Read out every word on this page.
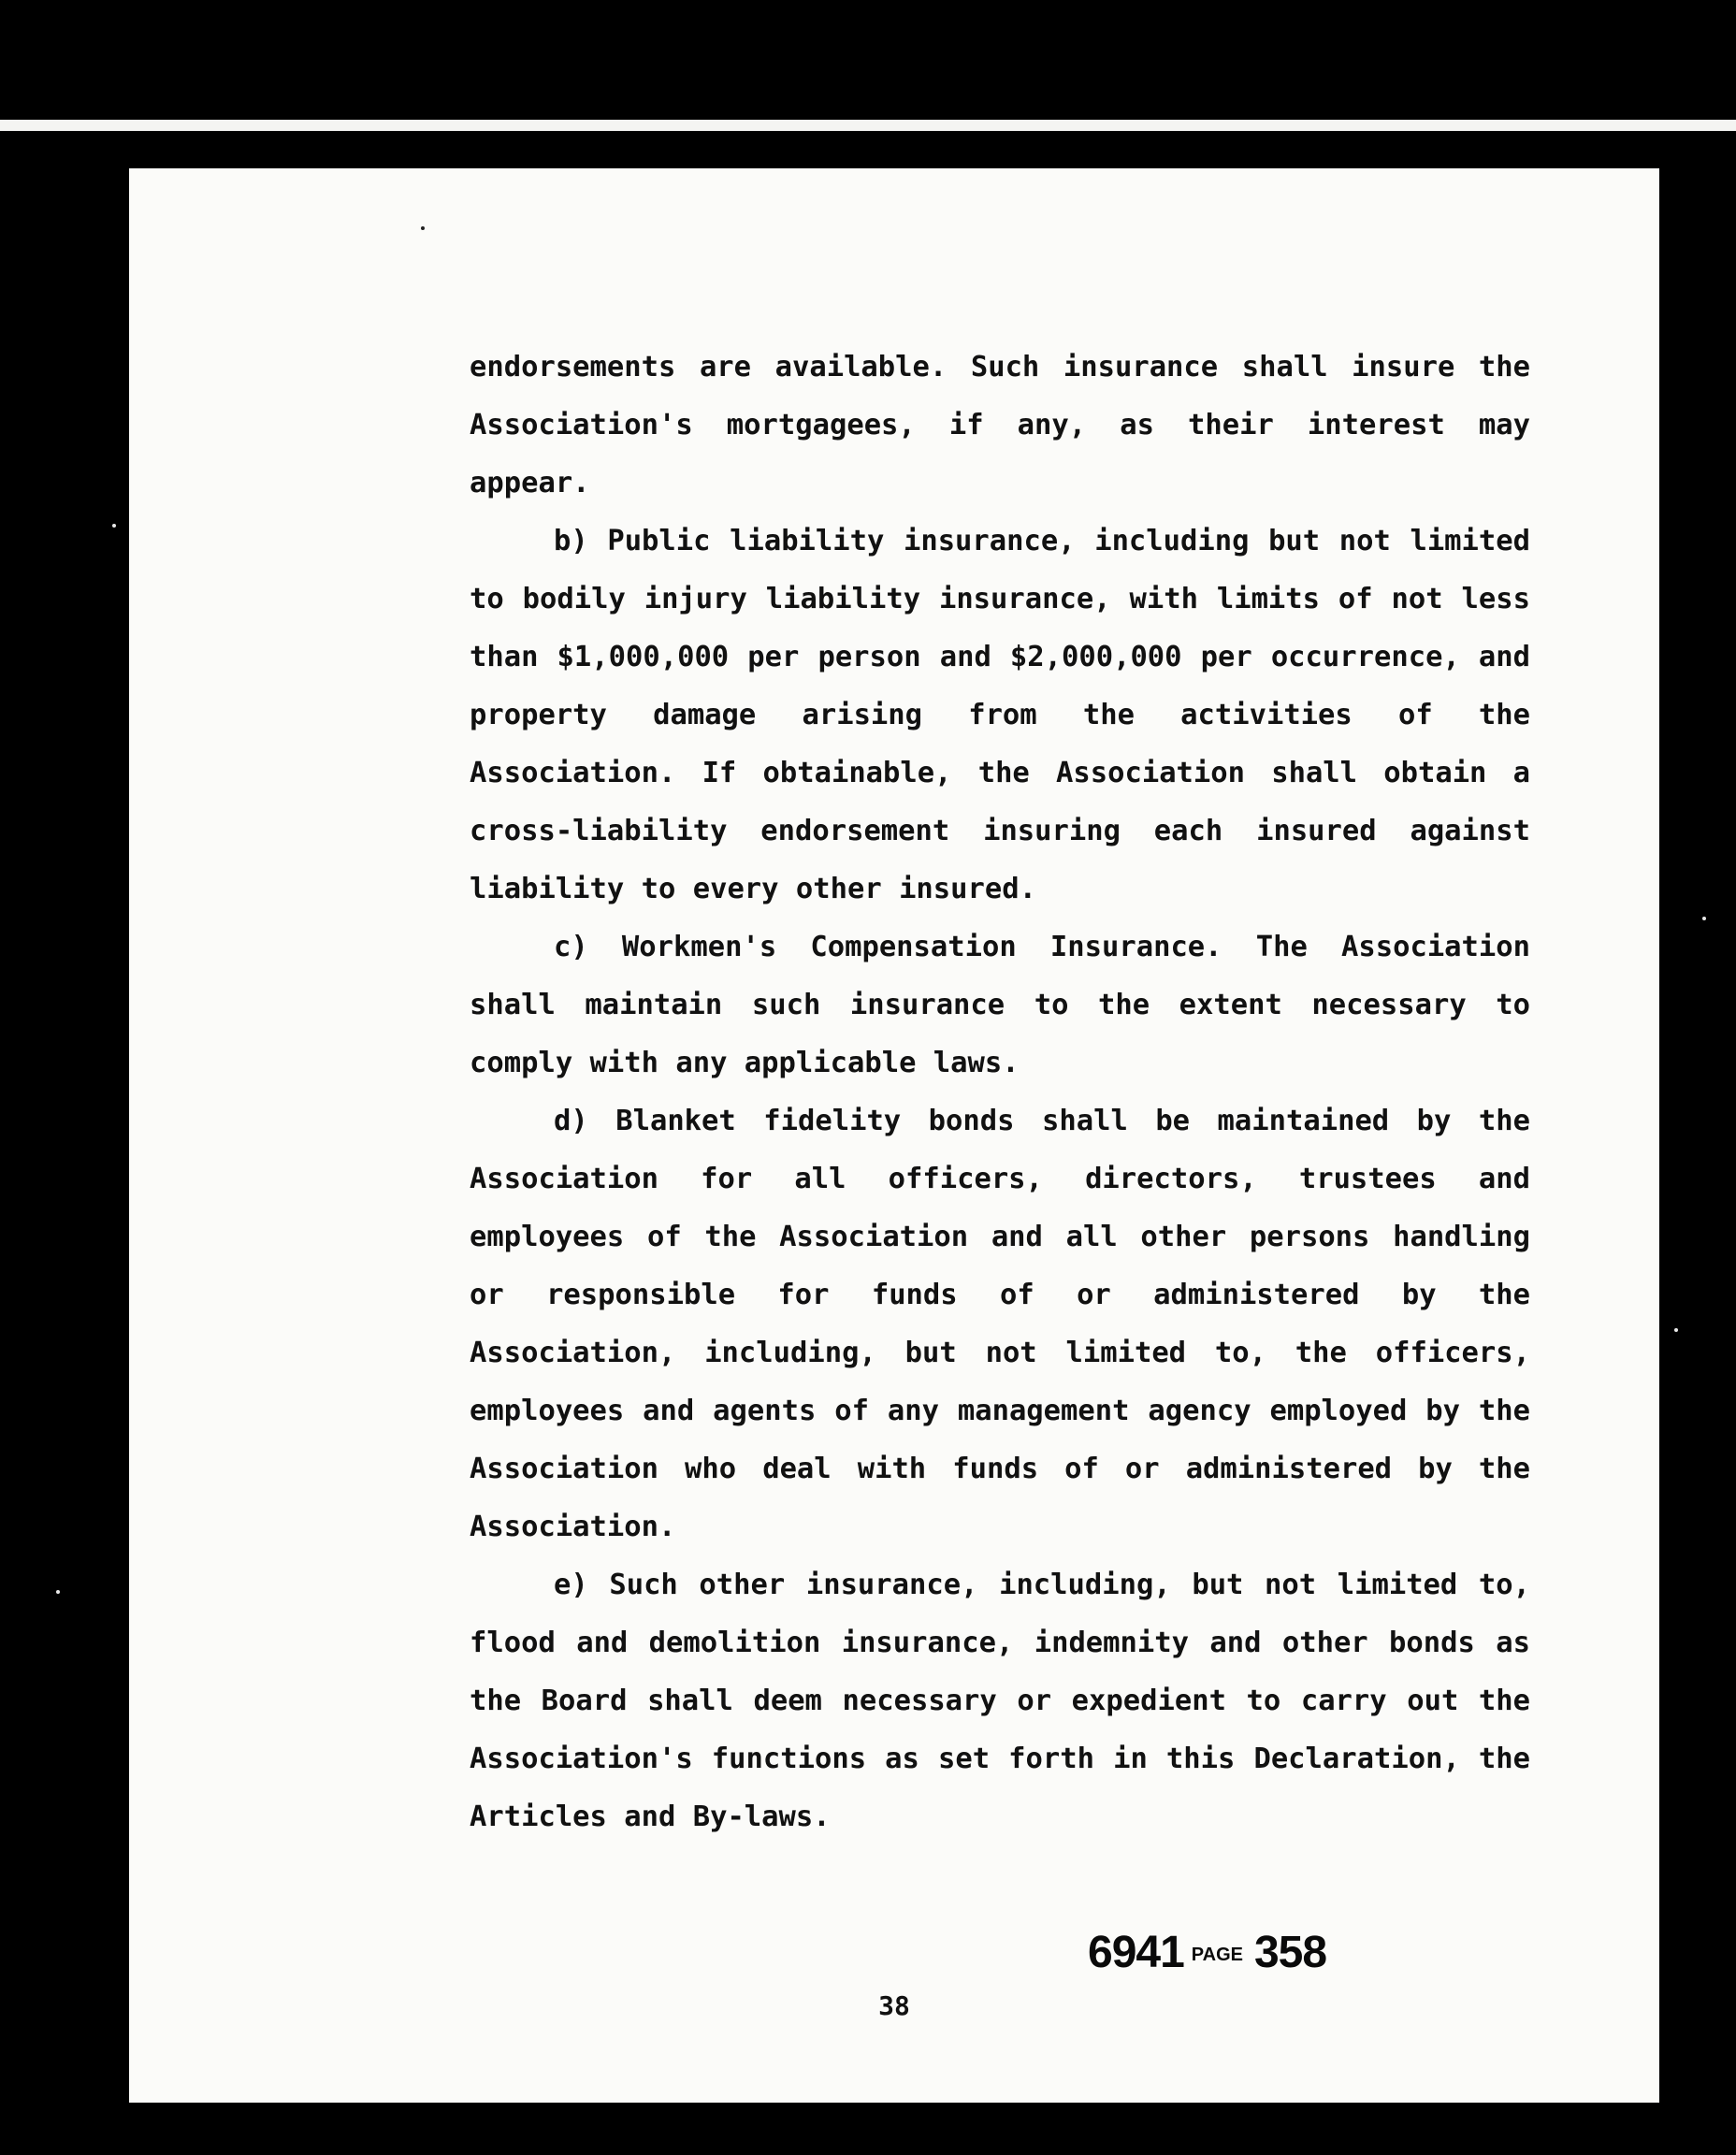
endorsements are available. Such insurance shall insure the Association's mortgagees, if any, as their interest may appear.

b) Public liability insurance, including but not limited to bodily injury liability insurance, with limits of not less than $1,000,000 per person and $2,000,000 per occurrence, and property damage arising from the activities of the Association. If obtainable, the Association shall obtain a cross-liability endorsement insuring each insured against liability to every other insured.

c) Workmen's Compensation Insurance. The Association shall maintain such insurance to the extent necessary to comply with any applicable laws.

d) Blanket fidelity bonds shall be maintained by the Association for all officers, directors, trustees and employees of the Association and all other persons handling or responsible for funds of or administered by the Association, including, but not limited to, the officers, employees and agents of any management agency employed by the Association who deal with funds of or administered by the Association.

e) Such other insurance, including, but not limited to, flood and demolition insurance, indemnity and other bonds as the Board shall deem necessary or expedient to carry out the Association's functions as set forth in this Declaration, the Articles and By-laws.

6941 PAGE 358
38
